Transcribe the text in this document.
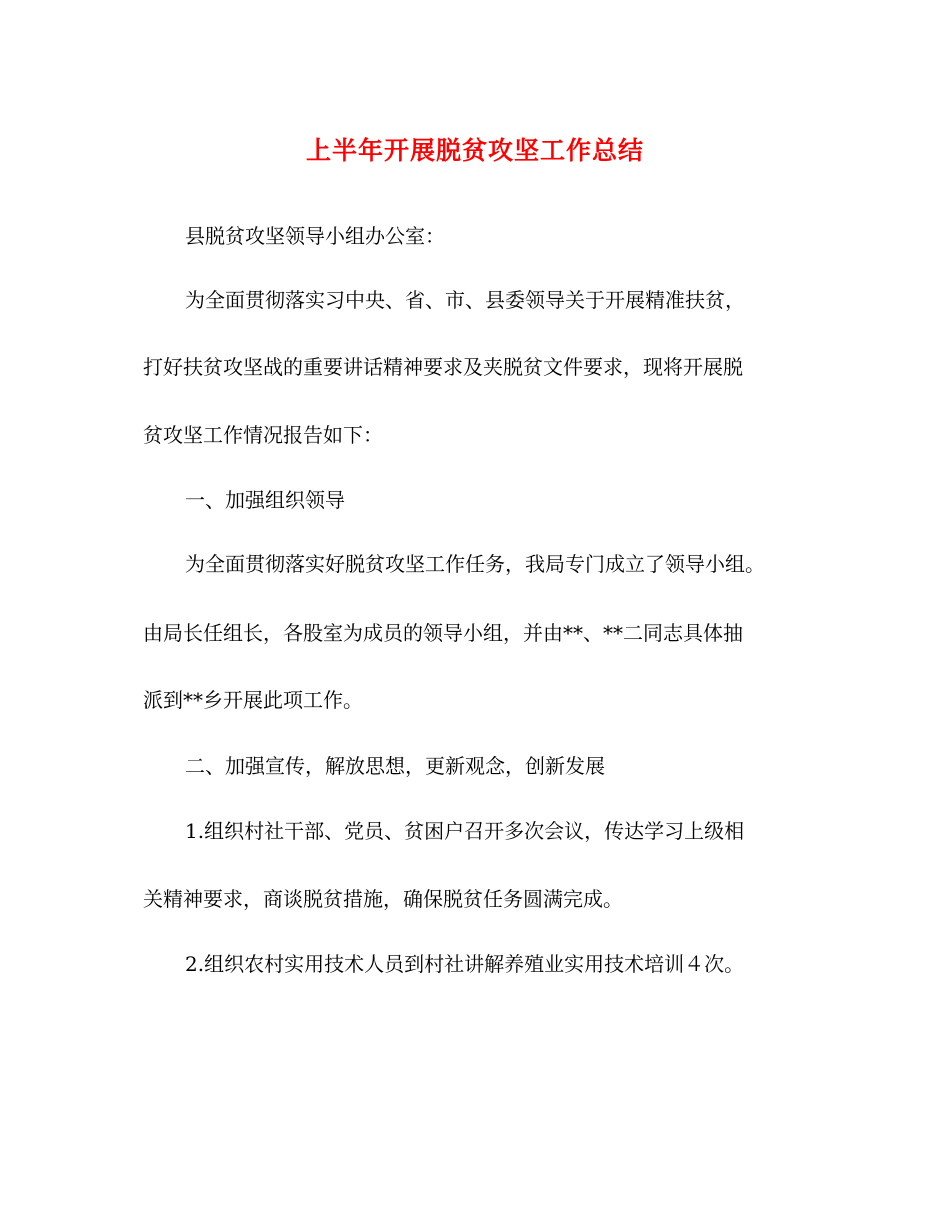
上半年开展脱贫攻坚工作总结
县脱贫攻坚领导小组办公室：
为全面贯彻落实习中央、省、市、县委领导关于开展精准扶贫，
打好扶贫攻坚战的重要讲话精神要求及夹脱贫文件要求，现将开展脱
贫攻坚工作情况报告如下：
一、加强组织领导
为全面贯彻落实好脱贫攻坚工作任务，我局专门成立了领导小组。
由局长任组长，各股室为成员的领导小组，并由**、**二同志具体抽
派到**乡开展此项工作。
二、加强宣传，解放思想，更新观念，创新发展
1.组织村社干部、党员、贫困户召开多次会议，传达学习上级相
关精神要求，商谈脱贫措施，确保脱贫任务圆满完成。
2.组织农村实用技术人员到村社讲解养殖业实用技术培训４次。
